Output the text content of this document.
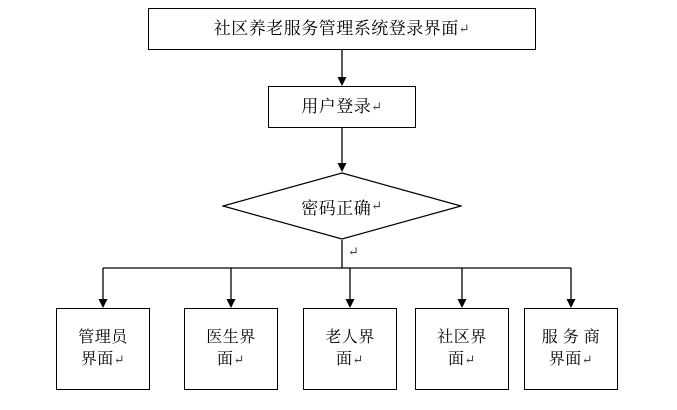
社区养老服务管理系统登录界面 ↵
用户登录 ↵
密码正确 ↵
↵
管理员
界面↵
医生界
面↵
老人界
面↵
社区界
面↵
服 务 商
界面↵
